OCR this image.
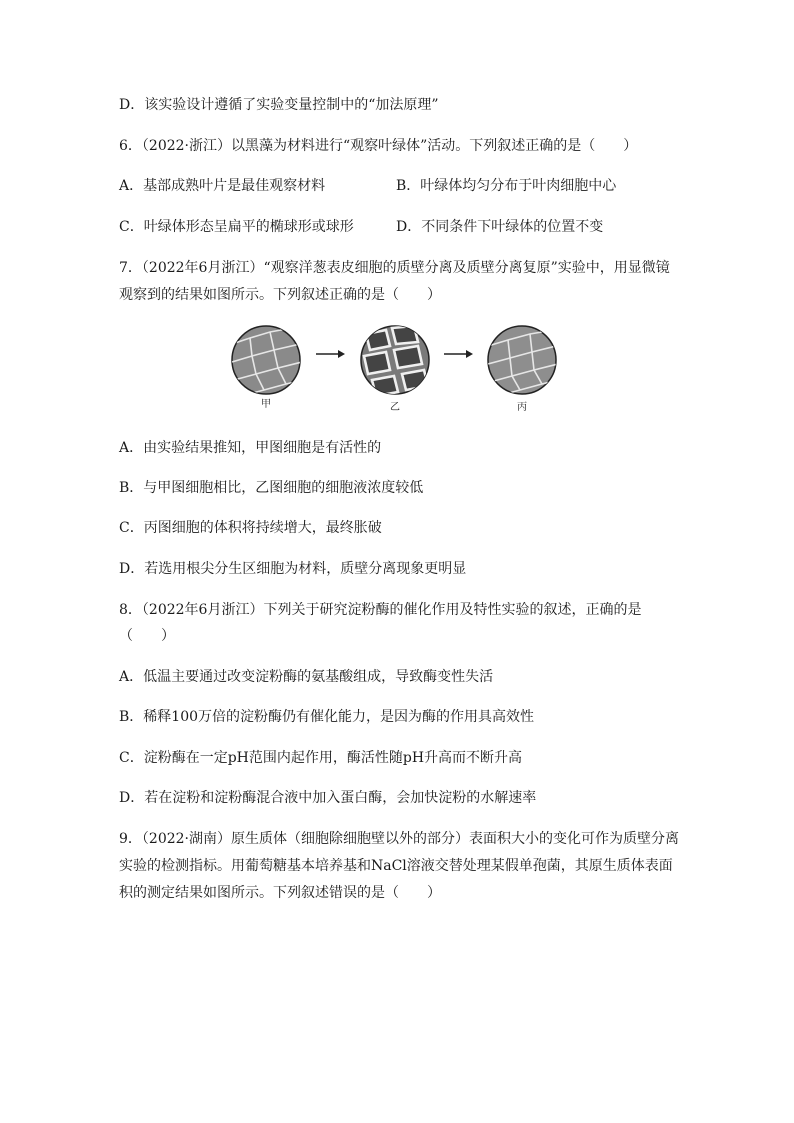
D．该实验设计遵循了实验变量控制中的“加法原理”
6．（2022·浙江）以黑藻为材料进行“观察叶绿体”活动。下列叙述正确的是（　　）
A．基部成熟叶片是最佳观察材料	B．叶绿体均匀分布于叶肉细胞中心
C．叶绿体形态呈扁平的椭球形或球形	D．不同条件下叶绿体的位置不变
7．（2022年6月浙江）“观察洋葱表皮细胞的质壁分离及质壁分离复原”实验中，用显微镜
观察到的结果如图所示。下列叙述正确的是（　　）
甲	乙	丙
A．由实验结果推知，甲图细胞是有活性的
B．与甲图细胞相比，乙图细胞的细胞液浓度较低
C．丙图细胞的体积将持续增大，最终胀破
D．若选用根尖分生区细胞为材料，质壁分离现象更明显
8．（2022年6月浙江）下列关于研究淀粉酶的催化作用及特性实验的叙述，正确的是
（　　）
A．低温主要通过改变淀粉酶的氨基酸组成，导致酶变性失活
B．稀释100万倍的淀粉酶仍有催化能力，是因为酶的作用具高效性
C．淀粉酶在一定pH范围内起作用，酶活性随pH升高而不断升高
D．若在淀粉和淀粉酶混合液中加入蛋白酶，会加快淀粉的水解速率
9．（2022·湖南）原生质体（细胞除细胞壁以外的部分）表面积大小的变化可作为质壁分离
实验的检测指标。用葡萄糖基本培养基和NaCl溶液交替处理某假单孢菌，其原生质体表面
积的测定结果如图所示。下列叙述错误的是（　　）
